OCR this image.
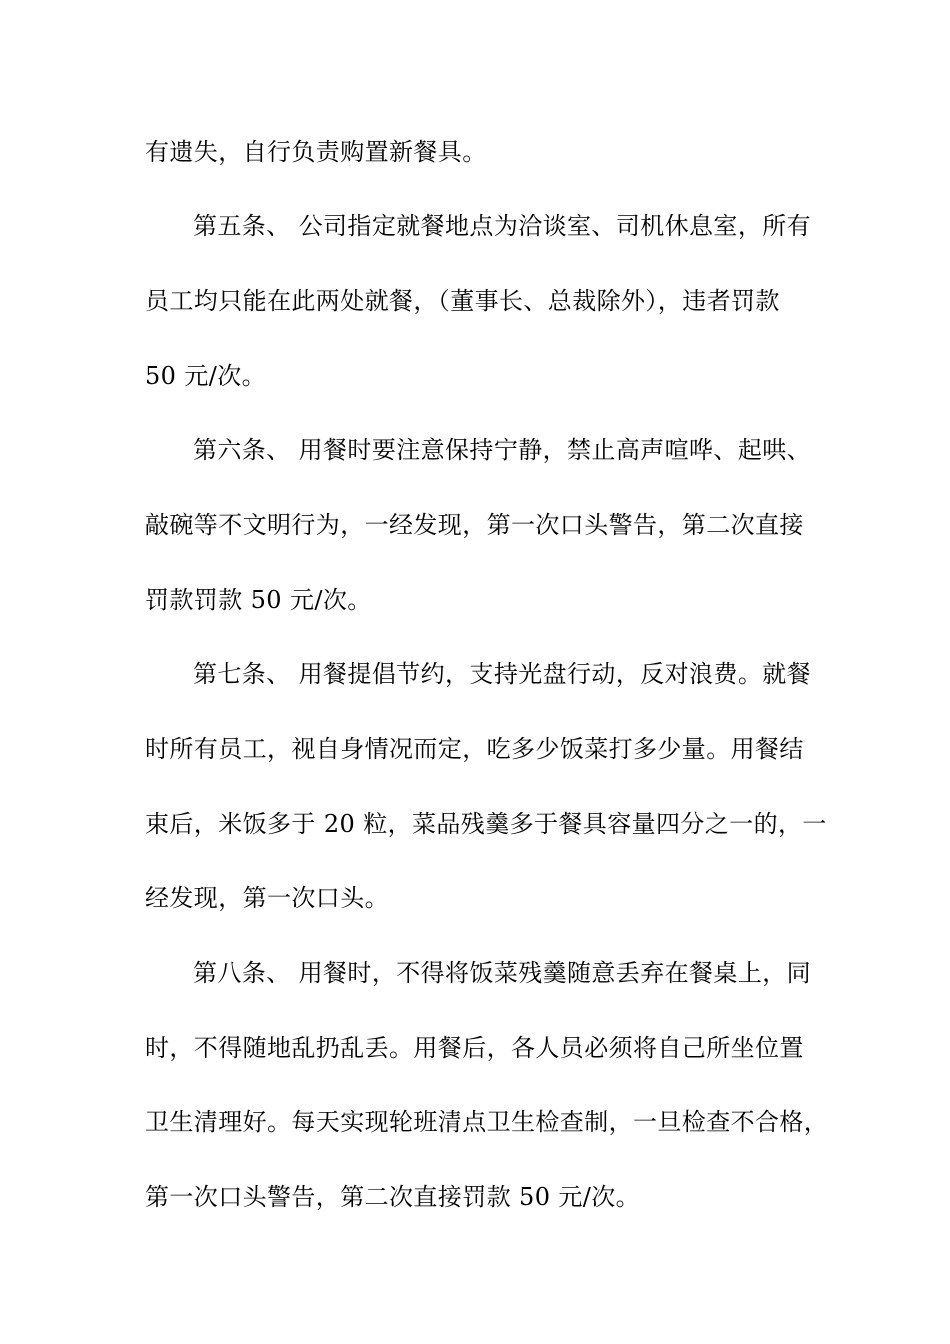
有遗失，自行负责购置新餐具。
第五条、 公司指定就餐地点为洽谈室、司机休息室，所有
员工均只能在此两处就餐，（董事长、总裁除外），违者罚款
50 元/次。
第六条、 用餐时要注意保持宁静，禁止高声喧哗、起哄、
敲碗等不文明行为，一经发现，第一次口头警告，第二次直接
罚款罚款 50 元/次。
第七条、 用餐提倡节约，支持光盘行动，反对浪费。就餐
时所有员工，视自身情况而定，吃多少饭菜打多少量。用餐结
束后，米饭多于 20 粒，菜品残羹多于餐具容量四分之一的，一
经发现，第一次口头。
第八条、 用餐时，不得将饭菜残羹随意丢弃在餐桌上，同
时，不得随地乱扔乱丢。用餐后，各人员必须将自己所坐位置
卫生清理好。每天实现轮班清点卫生检查制，一旦检查不合格，
第一次口头警告，第二次直接罚款 50 元/次。
